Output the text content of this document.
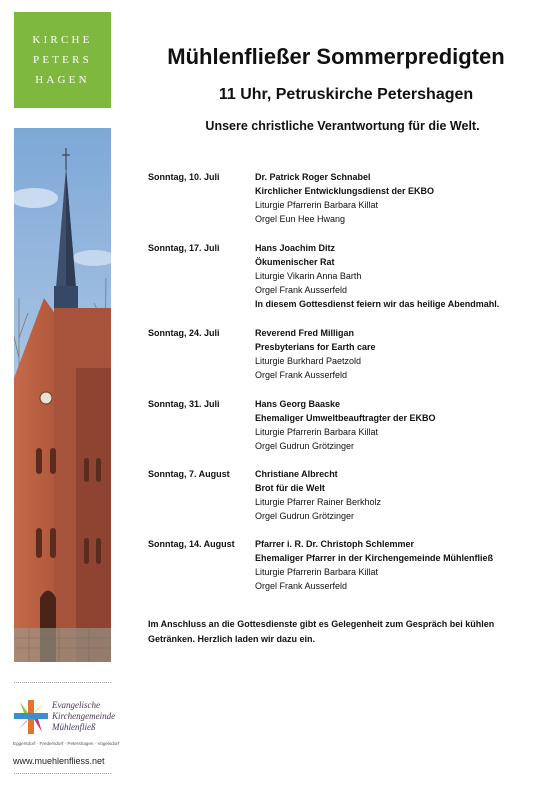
KIRCHE
PETERS
HAGEN
Evangelische
Kirchengemeinde
Mühlenfließ
Eggersdorf · Fredersdorf · Petershagen · Vogelsdorf
www.muehlenfliess.net
Mühlenfließer Sommerpredigten
11 Uhr, Petruskirche Petershagen
Unsere christliche Verantwortung für die Welt.
Sonntag, 10. Juli	Dr. Patrick Roger Schnabel
Kirchlicher Entwicklungsdienst der EKBO
Liturgie Pfarrerin Barbara Killat
Orgel Eun Hee Hwang
Sonntag, 17. Juli	Hans Joachim Ditz
Ökumenischer Rat
Liturgie Vikarin Anna Barth
Orgel Frank Ausserfeld
In diesem Gottesdienst feiern wir das heilige Abendmahl.
Sonntag, 24. Juli	Reverend Fred Milligan
Presbyterians for Earth care
Liturgie Burkhard Paetzold
Orgel Frank Ausserfeld
Sonntag, 31. Juli	Hans Georg Baaske
Ehemaliger Umweltbeauftragter der EKBO
Liturgie Pfarrerin Barbara Killat
Orgel Gudrun Grötzinger
Sonntag, 7. August	Christiane Albrecht
Brot für die Welt
Liturgie Pfarrer Rainer Berkholz
Orgel Gudrun Grötzinger
Sonntag, 14. August Pfarrer i. R. Dr. Christoph Schlemmer
Ehemaliger Pfarrer in der Kirchengemeinde Mühlenfließ
Liturgie Pfarrerin Barbara Killat
Orgel Frank Ausserfeld
Im Anschluss an die Gottesdienste gibt es Gelegenheit zum Gespräch bei kühlen Getränken. Herzlich laden wir dazu ein.
